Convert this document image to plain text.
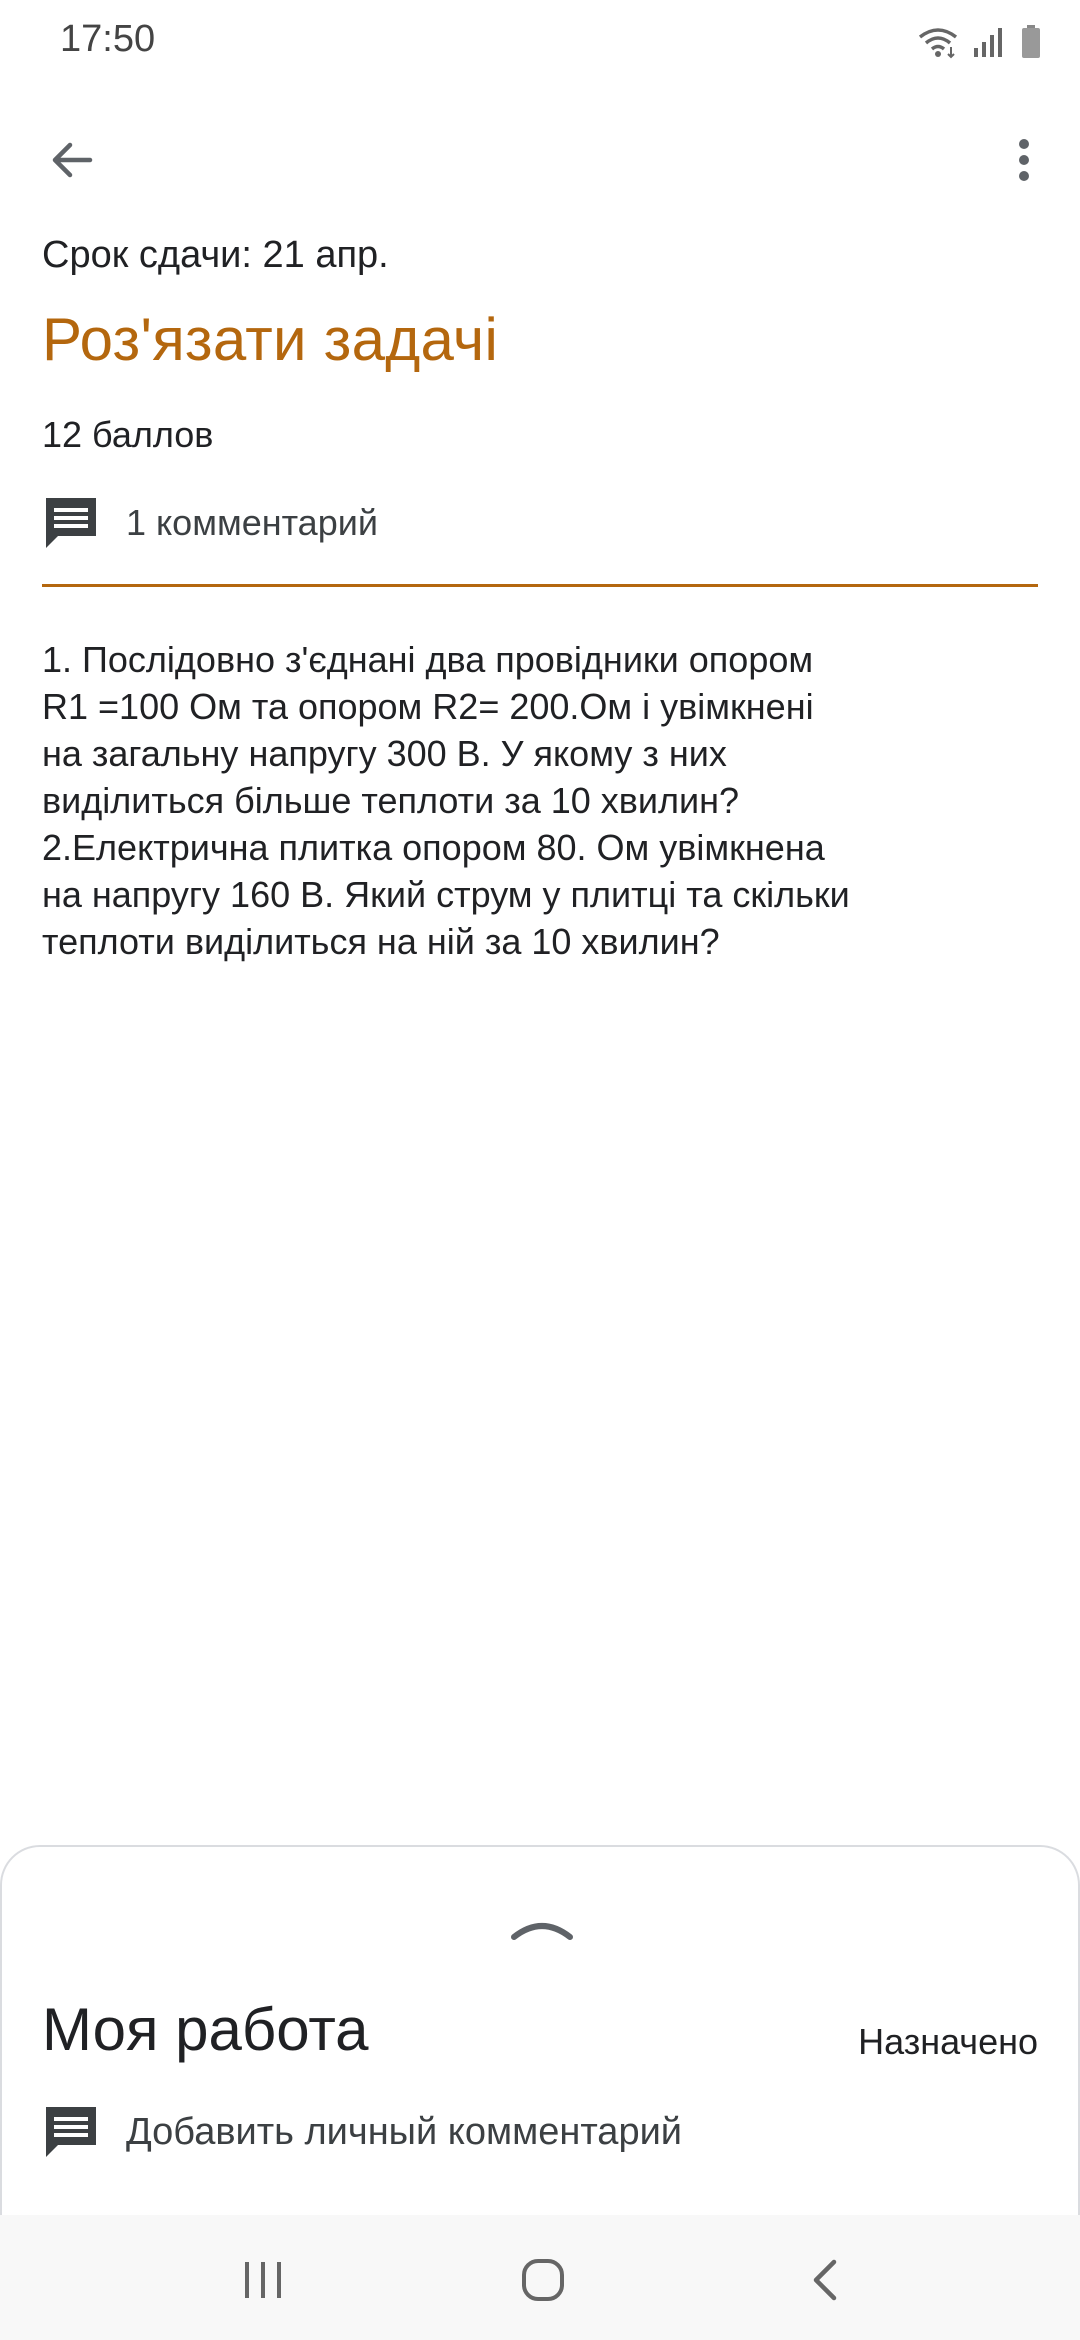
17:50
Срок сдачи: 21 апр.
Роз'язати задачі
12 баллов
1 комментарий
1. Послідовно з'єднані два провідники опором
R1 =100 Ом та опором R2= 200.Ом і увімкнені
на загальну напругу 300 В. У якому з них
виділиться більше теплоти за 10 хвилин?
2.Електрична плитка опором 80. Ом увімкнена
на напругу 160 В. Який струм у плитці та скільки
теплоти виділиться на ній за 10 хвилин?
Моя работа	Назначено
Добавить личный комментарий
